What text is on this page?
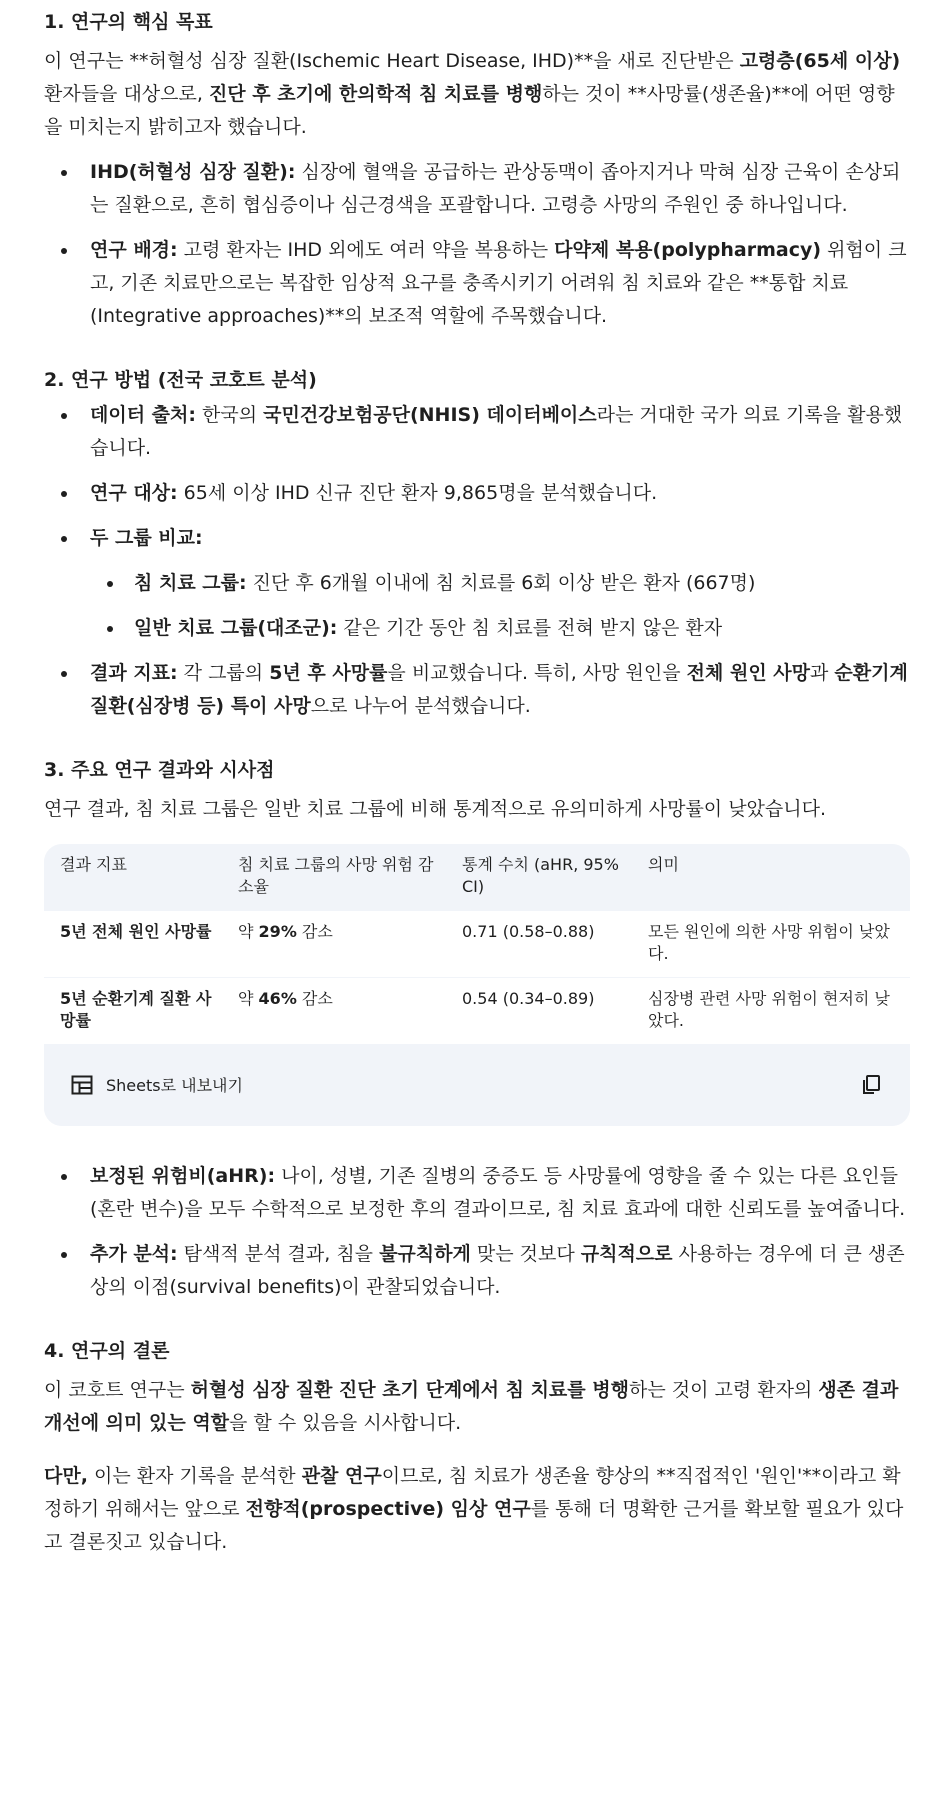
1. 연구의 핵심 목표

이 연구는 **허혈성 심장 질환(Ischemic Heart Disease, IHD)**을 새로 진단받은 고령층(65세 이상) 환자들을 대상으로, 진단 후 초기에 한의학적 침 치료를 병행하는 것이 **사망률(생존율)**에 어떤 영향을 미치는지 밝히고자 했습니다.

IHD(허혈성 심장 질환): 심장에 혈액을 공급하는 관상동맥이 좁아지거나 막혀 심장 근육이 손상되는 질환으로, 흔히 협심증이나 심근경색을 포괄합니다. 고령층 사망의 주원인 중 하나입니다.
연구 배경: 고령 환자는 IHD 외에도 여러 약을 복용하는 다약제 복용(polypharmacy) 위험이 크고, 기존 치료만으로는 복잡한 임상적 요구를 충족시키기 어려워 침 치료와 같은 **통합 치료(Integrative approaches)**의 보조적 역할에 주목했습니다.
2. 연구 방법 (전국 코호트 분석)
데이터 출처: 한국의 국민건강보험공단(NHIS) 데이터베이스라는 거대한 국가 의료 기록을 활용했습니다.
연구 대상: 65세 이상 IHD 신규 진단 환자 9,865명을 분석했습니다.
두 그룹 비교:
침 치료 그룹: 진단 후 6개월 이내에 침 치료를 6회 이상 받은 환자 (667명)
일반 치료 그룹(대조군): 같은 기간 동안 침 치료를 전혀 받지 않은 환자
결과 지표: 각 그룹의 5년 후 사망률을 비교했습니다. 특히, 사망 원인을 전체 원인 사망과 순환기계 질환(심장병 등) 특이 사망으로 나누어 분석했습니다.
3. 주요 연구 결과와 시사점

연구 결과, 침 치료 그룹은 일반 치료 그룹에 비해 통계적으로 유의미하게 사망률이 낮았습니다.

결과 지표	침 치료 그룹의 사망 위험 감소율	통계 수치 (aHR, 95% CI)	의미
5년 전체 원인 사망률	약 29% 감소	0.71 (0.58–0.88)	모든 원인에 의한 사망 위험이 낮았다.
5년 순환기계 질환 사망률	약 46% 감소	0.54 (0.34–0.89)	심장병 관련 사망 위험이 현저히 낮았다.
Sheets로 내보내기
보정된 위험비(aHR): 나이, 성별, 기존 질병의 중증도 등 사망률에 영향을 줄 수 있는 다른 요인들(혼란 변수)을 모두 수학적으로 보정한 후의 결과이므로, 침 치료 효과에 대한 신뢰도를 높여줍니다.
추가 분석: 탐색적 분석 결과, 침을 불규칙하게 맞는 것보다 규칙적으로 사용하는 경우에 더 큰 생존상의 이점(survival benefits)이 관찰되었습니다.
4. 연구의 결론

이 코호트 연구는 허혈성 심장 질환 진단 초기 단계에서 침 치료를 병행하는 것이 고령 환자의 생존 결과 개선에 의미 있는 역할을 할 수 있음을 시사합니다.

다만, 이는 환자 기록을 분석한 관찰 연구이므로, 침 치료가 생존율 향상의 **직접적인 '원인'**이라고 확정하기 위해서는 앞으로 전향적(prospective) 임상 연구를 통해 더 명확한 근거를 확보할 필요가 있다고 결론짓고 있습니다.
